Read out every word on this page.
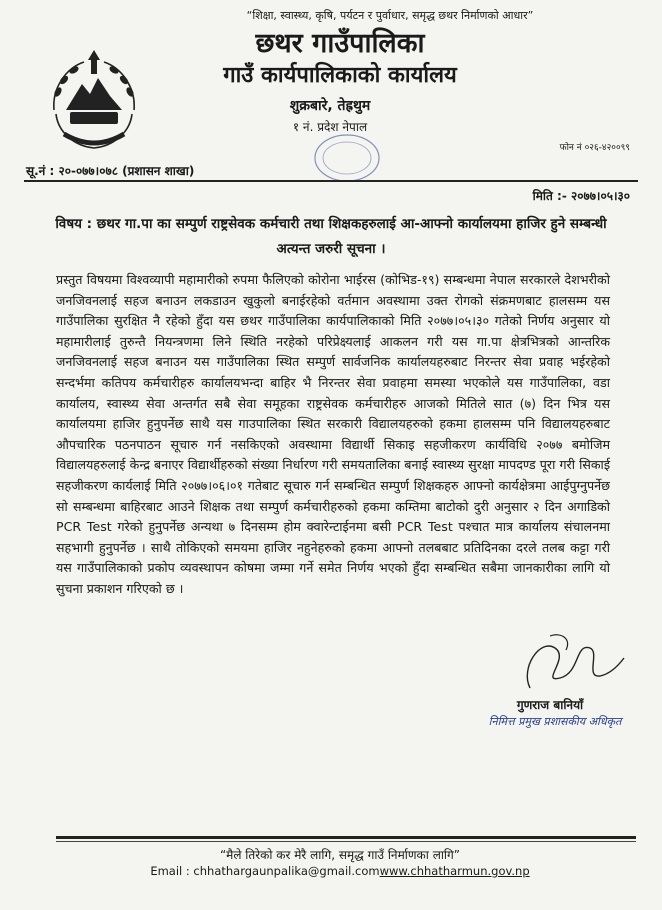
“शिक्षा, स्वास्थ्य, कृषि, पर्यटन र पुर्वाधार, समृद्ध छथर निर्माणको आधार”
छथर गाउँपालिका
गाउँ कार्यपालिकाको कार्यालय
शुक्रबारे, तेह्रथुम
१ नं. प्रदेश नेपाल
फोन नं ०२६-४२००९९
सू.नं : २०-०७७।०७८ (प्रशासन शाखा)
मिति :- २०७७।०५।३०
विषय : छथर गा.पा का सम्पुर्ण राष्ट्रसेवक कर्मचारी तथा शिक्षकहरुलाई आ-आफ्नो कार्यालयमा हाजिर हुने सम्बन्धी अत्यन्त जरुरी सूचना ।
प्रस्तुत विषयमा विश्वव्यापी महामारीको रुपमा फैलिएको कोरोना भाईरस (कोभिड-१९) सम्बन्धमा नेपाल सरकारले देशभरीको जनजिवनलाई सहज बनाउन लकडाउन खुकुलो बनाईरहेको वर्तमान अवस्थामा उक्त रोगको संक्रमणबाट हालसम्म यस गाउँपालिका सुरक्षित नै रहेको हुँदा यस छथर गाउँपालिका कार्यपालिकाको मिति २०७७।०५।३० गतेको निर्णय अनुसार यो महामारीलाई तुरुन्तै नियन्त्रणमा लिने स्थिति नरहेको परिप्रेक्ष्यलाई आकलन गरी यस गा.पा क्षेत्रभित्रको आन्तरिक जनजिवनलाई सहज बनाउन यस गाउँपालिका स्थित सम्पुर्ण सार्वजनिक कार्यालयहरुबाट निरन्तर सेवा प्रवाह भईरहेको सन्दर्भमा कतिपय कर्मचारीहरु कार्यालयभन्दा बाहिर भै निरन्तर सेवा प्रवाहमा समस्या भएकोले यस गाउँपालिका, वडा कार्यालय, स्वास्थ्य सेवा अन्तर्गत सबै सेवा समूहका राष्ट्रसेवक कर्मचारीहरु आजको मितिले सात (७) दिन भित्र यस कार्यालयमा हाजिर हुनुपर्नेछ साथै यस गाउपालिका स्थित सरकारी विद्यालयहरुको हकमा हालसम्म पनि विद्यालयहरुबाट औपचारिक पठनपाठन सूचारु गर्न नसकिएको अवस्थामा विद्यार्थी सिकाइ सहजीकरण कार्यविधि २०७७ बमोजिम विद्यालयहरुलाई केन्द्र बनाएर विद्यार्थीहरुको संख्या निर्धारण गरी समयतालिका बनाई स्वास्थ्य सुरक्षा मापदण्ड पूरा गरी सिकाई सहजीकरण कार्यलाई मिति २०७७।०६।०१ गतेबाट सूचारु गर्न सम्बन्धित सम्पुर्ण शिक्षकहरु आफ्नो कार्यक्षेत्रमा आईपुग्नुपर्नेछ सो सम्बन्धमा बाहिरबाट आउने शिक्षक तथा सम्पुर्ण कर्मचारीहरुको हकमा कम्तिमा बाटोको दुरी अनुसार २ दिन अगाडिको PCR Test गरेको हुनुपर्नेछ अन्यथा ७ दिनसम्म होम क्वारेन्टाईनमा बसी PCR Test पश्चात मात्र कार्यालय संचालनमा सहभागी हुनुपर्नेछ । साथै तोकिएको समयमा हाजिर नहुनेहरुको हकमा आफ्नो तलबबाट प्रतिदिनका दरले तलब कट्टा गरी यस गाउँपालिकाको प्रकोप व्यवस्थापन कोषमा जम्मा गर्ने समेत निर्णय भएको हुँदा सम्बन्धित सबैमा जानकारीका लागि यो सुचना प्रकाशन गरिएको छ ।
गुणराज बानियाँ
निमित्त प्रमुख प्रशासकीय अधिकृत
“मैले तिरेको कर मेरै लागि, समृद्ध गाउँ निर्माणका लागि”
Email : chhathargaunpalika@gmail.comwww.chhatharmun.gov.np
